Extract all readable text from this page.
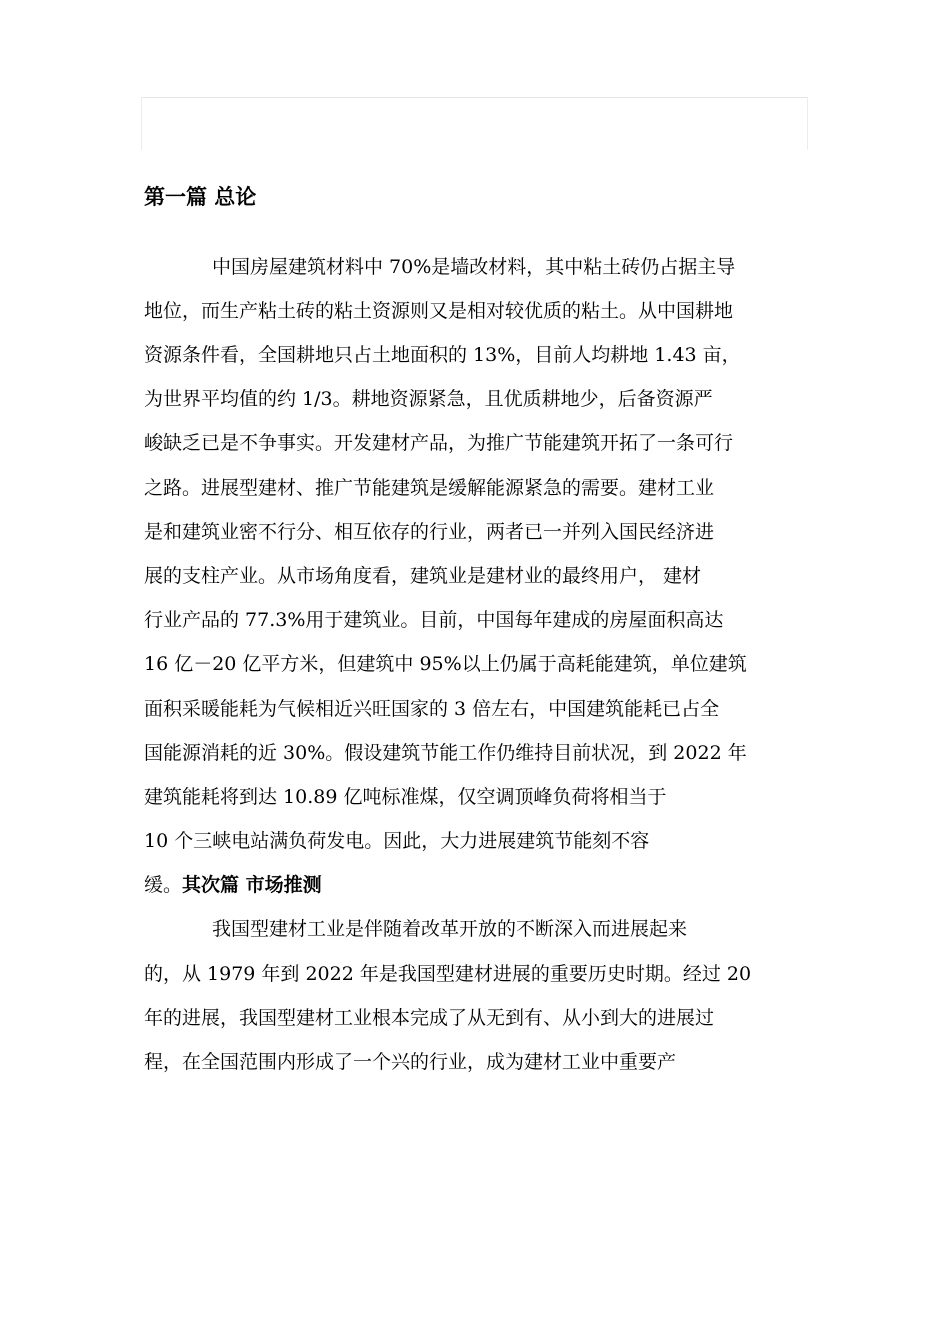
第一篇 总论
中国房屋建筑材料中 70%是墙改材料，其中粘土砖仍占据主导
地位，而生产粘土砖的粘土资源则又是相对较优质的粘土。从中国耕地
资源条件看，全国耕地只占土地面积的 13%，目前人均耕地 1.43 亩，
为世界平均值的约 1/3。耕地资源紧急，且优质耕地少，后备资源严
峻缺乏已是不争事实。开发建材产品，为推广节能建筑开拓了一条可行
之路。进展型建材、推广节能建筑是缓解能源紧急的需要。建材工业
是和建筑业密不行分、相互依存的行业，两者已一并列入国民经济进
展的支柱产业。从市场角度看，建筑业是建材业的最终用户， 建材
行业产品的 77.3%用于建筑业。目前，中国每年建成的房屋面积高达
16 亿－20 亿平方米，但建筑中 95%以上仍属于高耗能建筑，单位建筑
面积采暖能耗为气候相近兴旺国家的 3 倍左右，中国建筑能耗已占全
国能源消耗的近 30%。假设建筑节能工作仍维持目前状况，到 2022 年
建筑能耗将到达 10.89 亿吨标准煤，仅空调顶峰负荷将相当于
10 个三峡电站满负荷发电。因此，大力进展建筑节能刻不容
缓。其次篇 市场推测
我国型建材工业是伴随着改革开放的不断深入而进展起来
的，从 1979 年到 2022 年是我国型建材进展的重要历史时期。经过 20
年的进展，我国型建材工业根本完成了从无到有、从小到大的进展过
程，在全国范围内形成了一个兴的行业，成为建材工业中重要产
